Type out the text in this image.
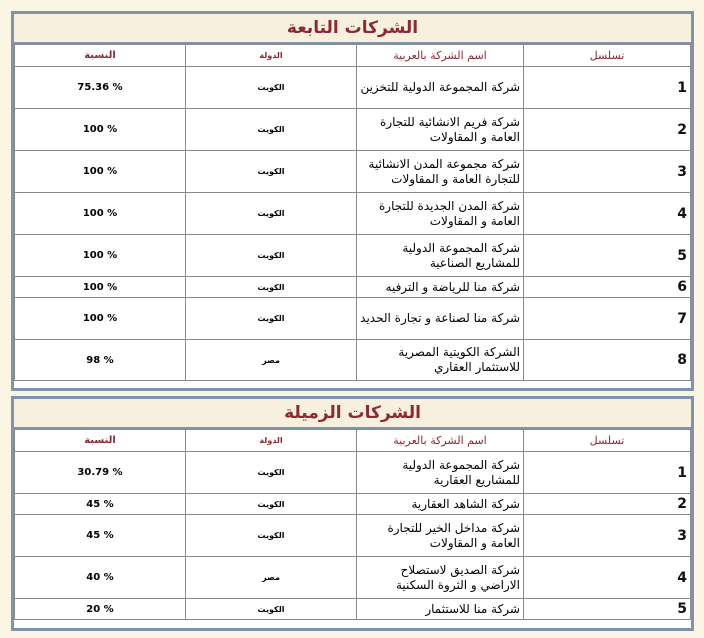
الشركات التابعة
النسبة	الدولة	اسم الشركة بالعربية	تسلسل
75.36 %	الكويت	شركة المجموعة الدولية للتخزين	1
100 %	الكويت	شركة فريم الانشائية للتجارة العامة و المقاولات	2
100 %	الكويت	شركة مجموعة المدن الانشائية للتجارة العامة و المقاولات	3
100 %	الكويت	شركة المدن الجديدة للتجارة العامة و المقاولات	4
100 %	الكويت	شركة المجموعة الدولية للمشاريع الصناعية	5
100 %	الكويت	شركة منا للرياضة و الترفيه	6
100 %	الكويت	شركة منا لصناعة و تجارة الحديد	7
98 %	مصر	الشركة الكويتية المصرية للاستثمار العقاري	8
الشركات الزميلة
النسبة	الدولة	اسم الشركة بالعربية	تسلسل
30.79 %	الكويت	شركة المجموعة الدولية للمشاريع العقارية	1
45 %	الكويت	شركة الشاهد العقارية	2
45 %	الكويت	شركة مداخل الخير للتجارة العامة و المقاولات	3
40 %	مصر	شركة الصديق لاستصلاح الاراضي و الثروة السكنية	4
20 %	الكويت	شركة منا للاستثمار	5
